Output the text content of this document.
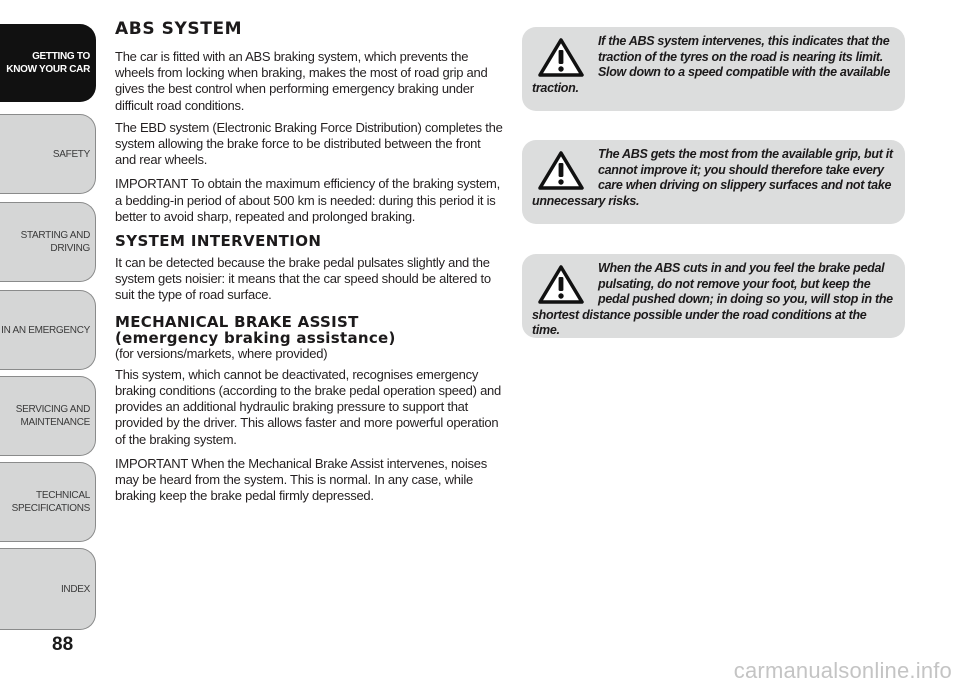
GETTING TO
KNOW YOUR CAR
SAFETY
STARTING AND
DRIVING
IN AN EMERGENCY
SERVICING AND
MAINTENANCE
TECHNICAL
SPECIFICATIONS
INDEX
88
ABS SYSTEM

The car is fitted with an ABS braking system, which prevents the wheels from locking when braking, makes the most of road grip and gives the best control when performing emergency braking under difficult road conditions.

The EBD system (Electronic Braking Force Distribution) completes the system allowing the brake force to be distributed between the front and rear wheels.

IMPORTANT To obtain the maximum efficiency of the braking system, a bedding-in period of about 500 km is needed: during this period it is better to avoid sharp, repeated and prolonged braking.

SYSTEM INTERVENTION

It can be detected because the brake pedal pulsates slightly and the system gets noisier: it means that the car speed should be altered to suit the type of road surface.

MECHANICAL BRAKE ASSIST
(emergency braking assistance)

(for versions/markets, where provided)

This system, which cannot be deactivated, recognises emergency braking conditions (according to the brake pedal operation speed) and provides an additional hydraulic braking pressure to support that provided by the driver. This allows faster and more powerful operation of the braking system.

IMPORTANT When the Mechanical Brake Assist intervenes, noises may be heard from the system. This is normal. In any case, while braking keep the brake pedal firmly depressed.

If the ABS system intervenes, this indicates that the traction of the tyres on the road is nearing its limit. Slow down to a speed compatible with the available traction.
The ABS gets the most from the available grip, but it cannot improve it; you should therefore take every care when driving on slippery surfaces and not take unnecessary risks.
When the ABS cuts in and you feel the brake pedal pulsating, do not remove your foot, but keep the pedal pushed down; in doing so you, will stop in the shortest distance possible under the road conditions at the time.
carmanualsonline.info
